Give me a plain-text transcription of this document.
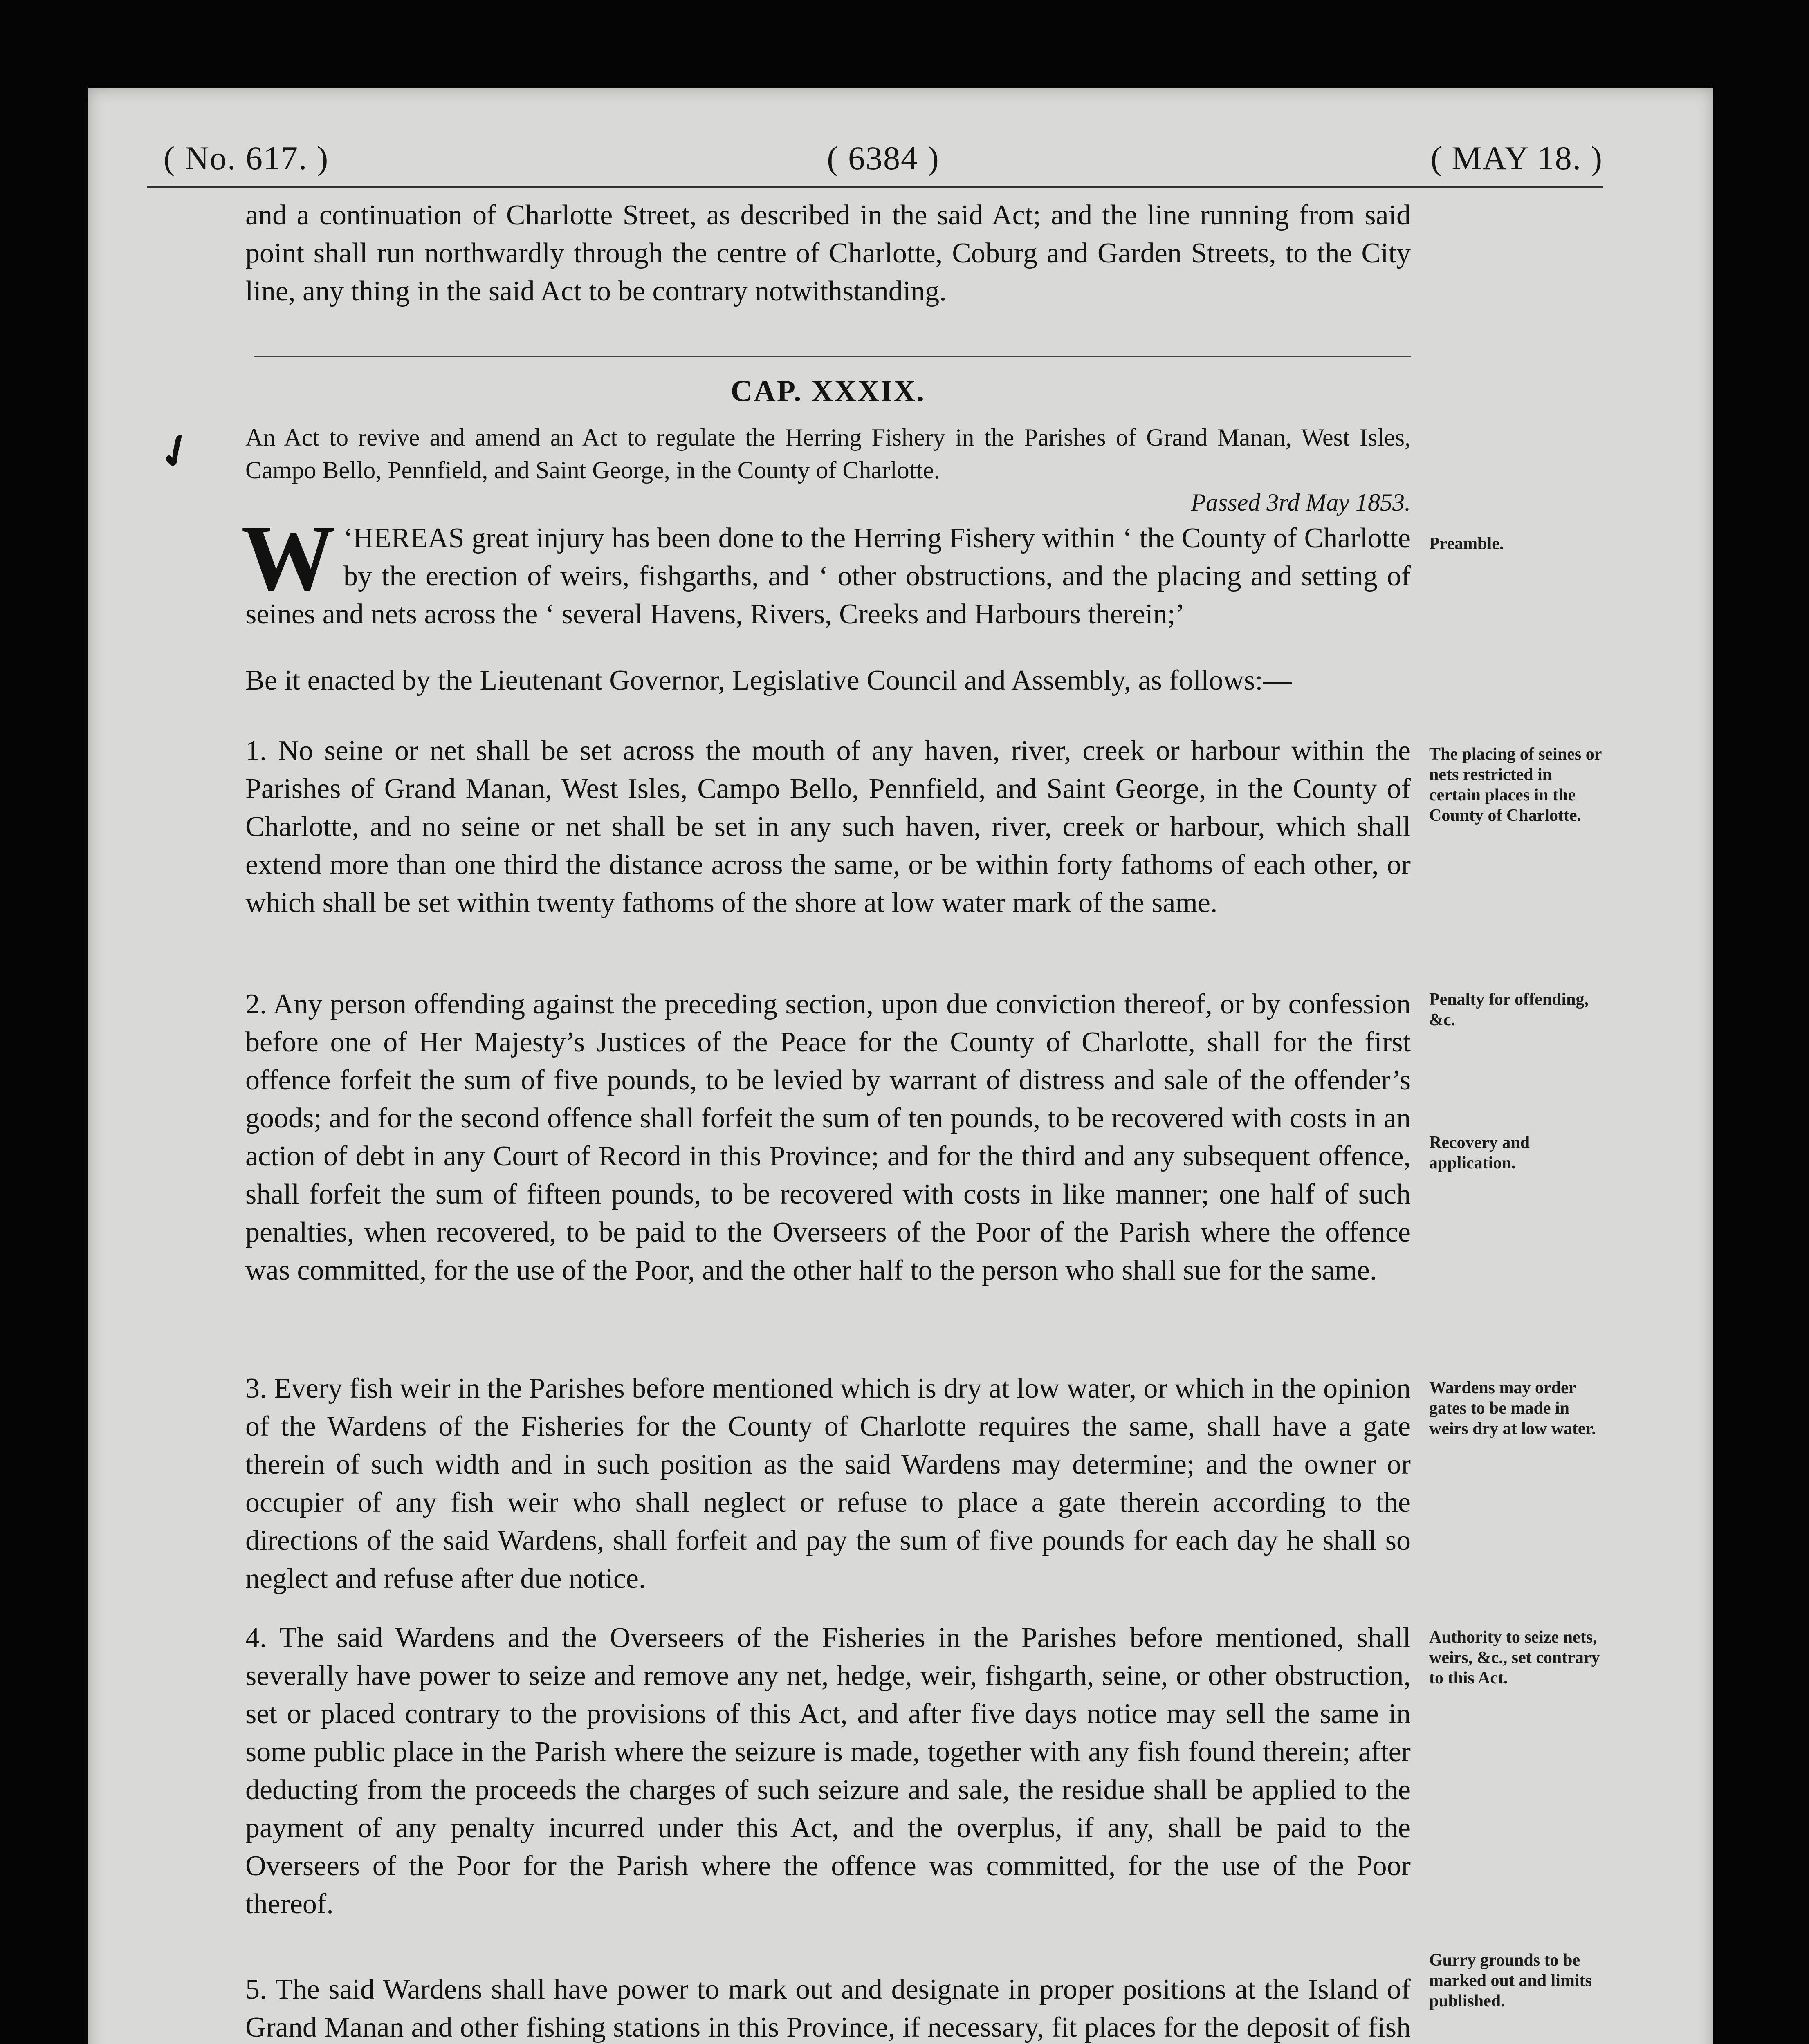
( No. 617. )	( 6384 )	( MAY 18. )
and a continuation of Charlotte Street, as described in the said Act; and the line running from said point shall run northwardly through the centre of Charlotte, Coburg and Garden Streets, to the City line, any thing in the said Act to be contrary notwithstanding.
CAP. XXXIX.
An Act to revive and amend an Act to regulate the Herring Fishery in the Parishes of Grand Manan, West Isles, Campo Bello, Pennfield, and Saint George, in the County of Charlotte.
Passed 3rd May 1853.
W ‘HEREAS great injury has been done to the Herring Fishery within ‘ the County of Charlotte by the erection of weirs, fishgarths, and ‘ other obstructions, and the placing and setting of seines and nets across the ‘ several Havens, Rivers, Creeks and Harbours therein;’
Be it enacted by the Lieutenant Governor, Legislative Council and Assembly, as follows:—
1. No seine or net shall be set across the mouth of any haven, river, creek or harbour within the Parishes of Grand Manan, West Isles, Campo Bello, Pennfield, and Saint George, in the County of Charlotte, and no seine or net shall be set in any such haven, river, creek or harbour, which shall extend more than one third the distance across the same, or be within forty fathoms of each other, or which shall be set within twenty fathoms of the shore at low water mark of the same.
2. Any person offending against the preceding section, upon due conviction thereof, or by confession before one of Her Majesty’s Justices of the Peace for the County of Charlotte, shall for the first offence forfeit the sum of five pounds, to be levied by warrant of distress and sale of the offender’s goods; and for the second offence shall forfeit the sum of ten pounds, to be recovered with costs in an action of debt in any Court of Record in this Province; and for the third and any subsequent offence, shall forfeit the sum of fifteen pounds, to be recovered with costs in like manner; one half of such penalties, when recovered, to be paid to the Overseers of the Poor of the Parish where the offence was committed, for the use of the Poor, and the other half to the person who shall sue for the same.
3. Every fish weir in the Parishes before mentioned which is dry at low water, or which in the opinion of the Wardens of the Fisheries for the County of Charlotte requires the same, shall have a gate therein of such width and in such position as the said Wardens may determine; and the owner or occupier of any fish weir who shall neglect or refuse to place a gate therein according to the directions of the said Wardens, shall forfeit and pay the sum of five pounds for each day he shall so neglect and refuse after due notice.
4. The said Wardens and the Overseers of the Fisheries in the Parishes before mentioned, shall severally have power to seize and remove any net, hedge, weir, fishgarth, seine, or other obstruction, set or placed contrary to the provisions of this Act, and after five days notice may sell the same in some public place in the Parish where the seizure is made, together with any fish found therein; after deducting from the proceeds the charges of such seizure and sale, the residue shall be applied to the payment of any penalty incurred under this Act, and the overplus, if any, shall be paid to the Overseers of the Poor for the Parish where the offence was committed, for the use of the Poor thereof.
5. The said Wardens shall have power to mark out and designate in proper positions at the Island of Grand Manan and other fishing stations in this Province, if necessary, fit places for the deposit of fish
Preamble.
The placing of seines or nets restricted in certain places in the County of Charlotte.
Penalty for offending, &c.
Recovery and application.
Wardens may order gates to be made in weirs dry at low water.
Authority to seize nets, weirs, &c., set contrary to this Act.
Gurry grounds to be marked out and limits published.
✓
